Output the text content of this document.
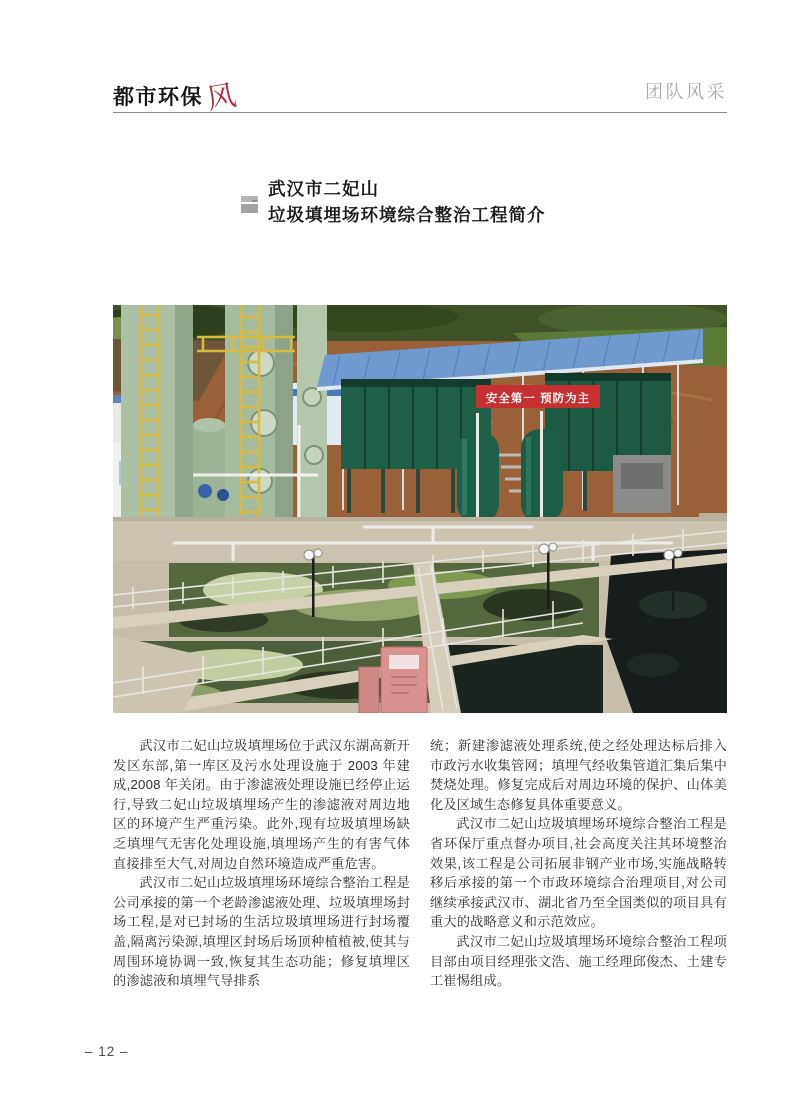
都市环保风	团队风采
武汉市二妃山
垃圾填埋场环境综合整治工程简介
安全第一 预防为主

武汉市二妃山垃圾填埋场位于武汉东湖高新开发区东部,第一库区及污水处理设施于 2003 年建成,2008 年关闭。由于渗滤液处理设施已经停止运行,导致二妃山垃圾填埋场产生的渗滤液对周边地区的环境产生严重污染。此外,现有垃圾填埋场缺乏填埋气无害化处理设施,填埋场产生的有害气体直接排至大气,对周边自然环境造成严重危害。

武汉市二妃山垃圾填埋场环境综合整治工程是公司承接的第一个老龄渗滤液处理、垃圾填埋场封场工程,是对已封场的生活垃圾填埋场进行封场覆盖,隔离污染源,填埋区封场后场顶种植植被,使其与周围环境协调一致,恢复其生态功能；修复填埋区的渗滤液和填埋气导排系

统；新建渗滤液处理系统,使之经处理达标后排入市政污水收集管网；填埋气经收集管道汇集后集中焚烧处理。修复完成后对周边环境的保护、山体美化及区域生态修复具体重要意义。

武汉市二妃山垃圾填埋场环境综合整治工程是省环保厅重点督办项目,社会高度关注其环境整治效果,该工程是公司拓展非钢产业市场,实施战略转移后承接的第一个市政环境综合治理项目,对公司继续承接武汉市、湖北省乃至全国类似的项目具有重大的战略意义和示范效应。

武汉市二妃山垃圾填埋场环境综合整治工程项目部由项目经理张文浩、施工经理邱俊杰、土建专工崔惕组成。

– 12 –
